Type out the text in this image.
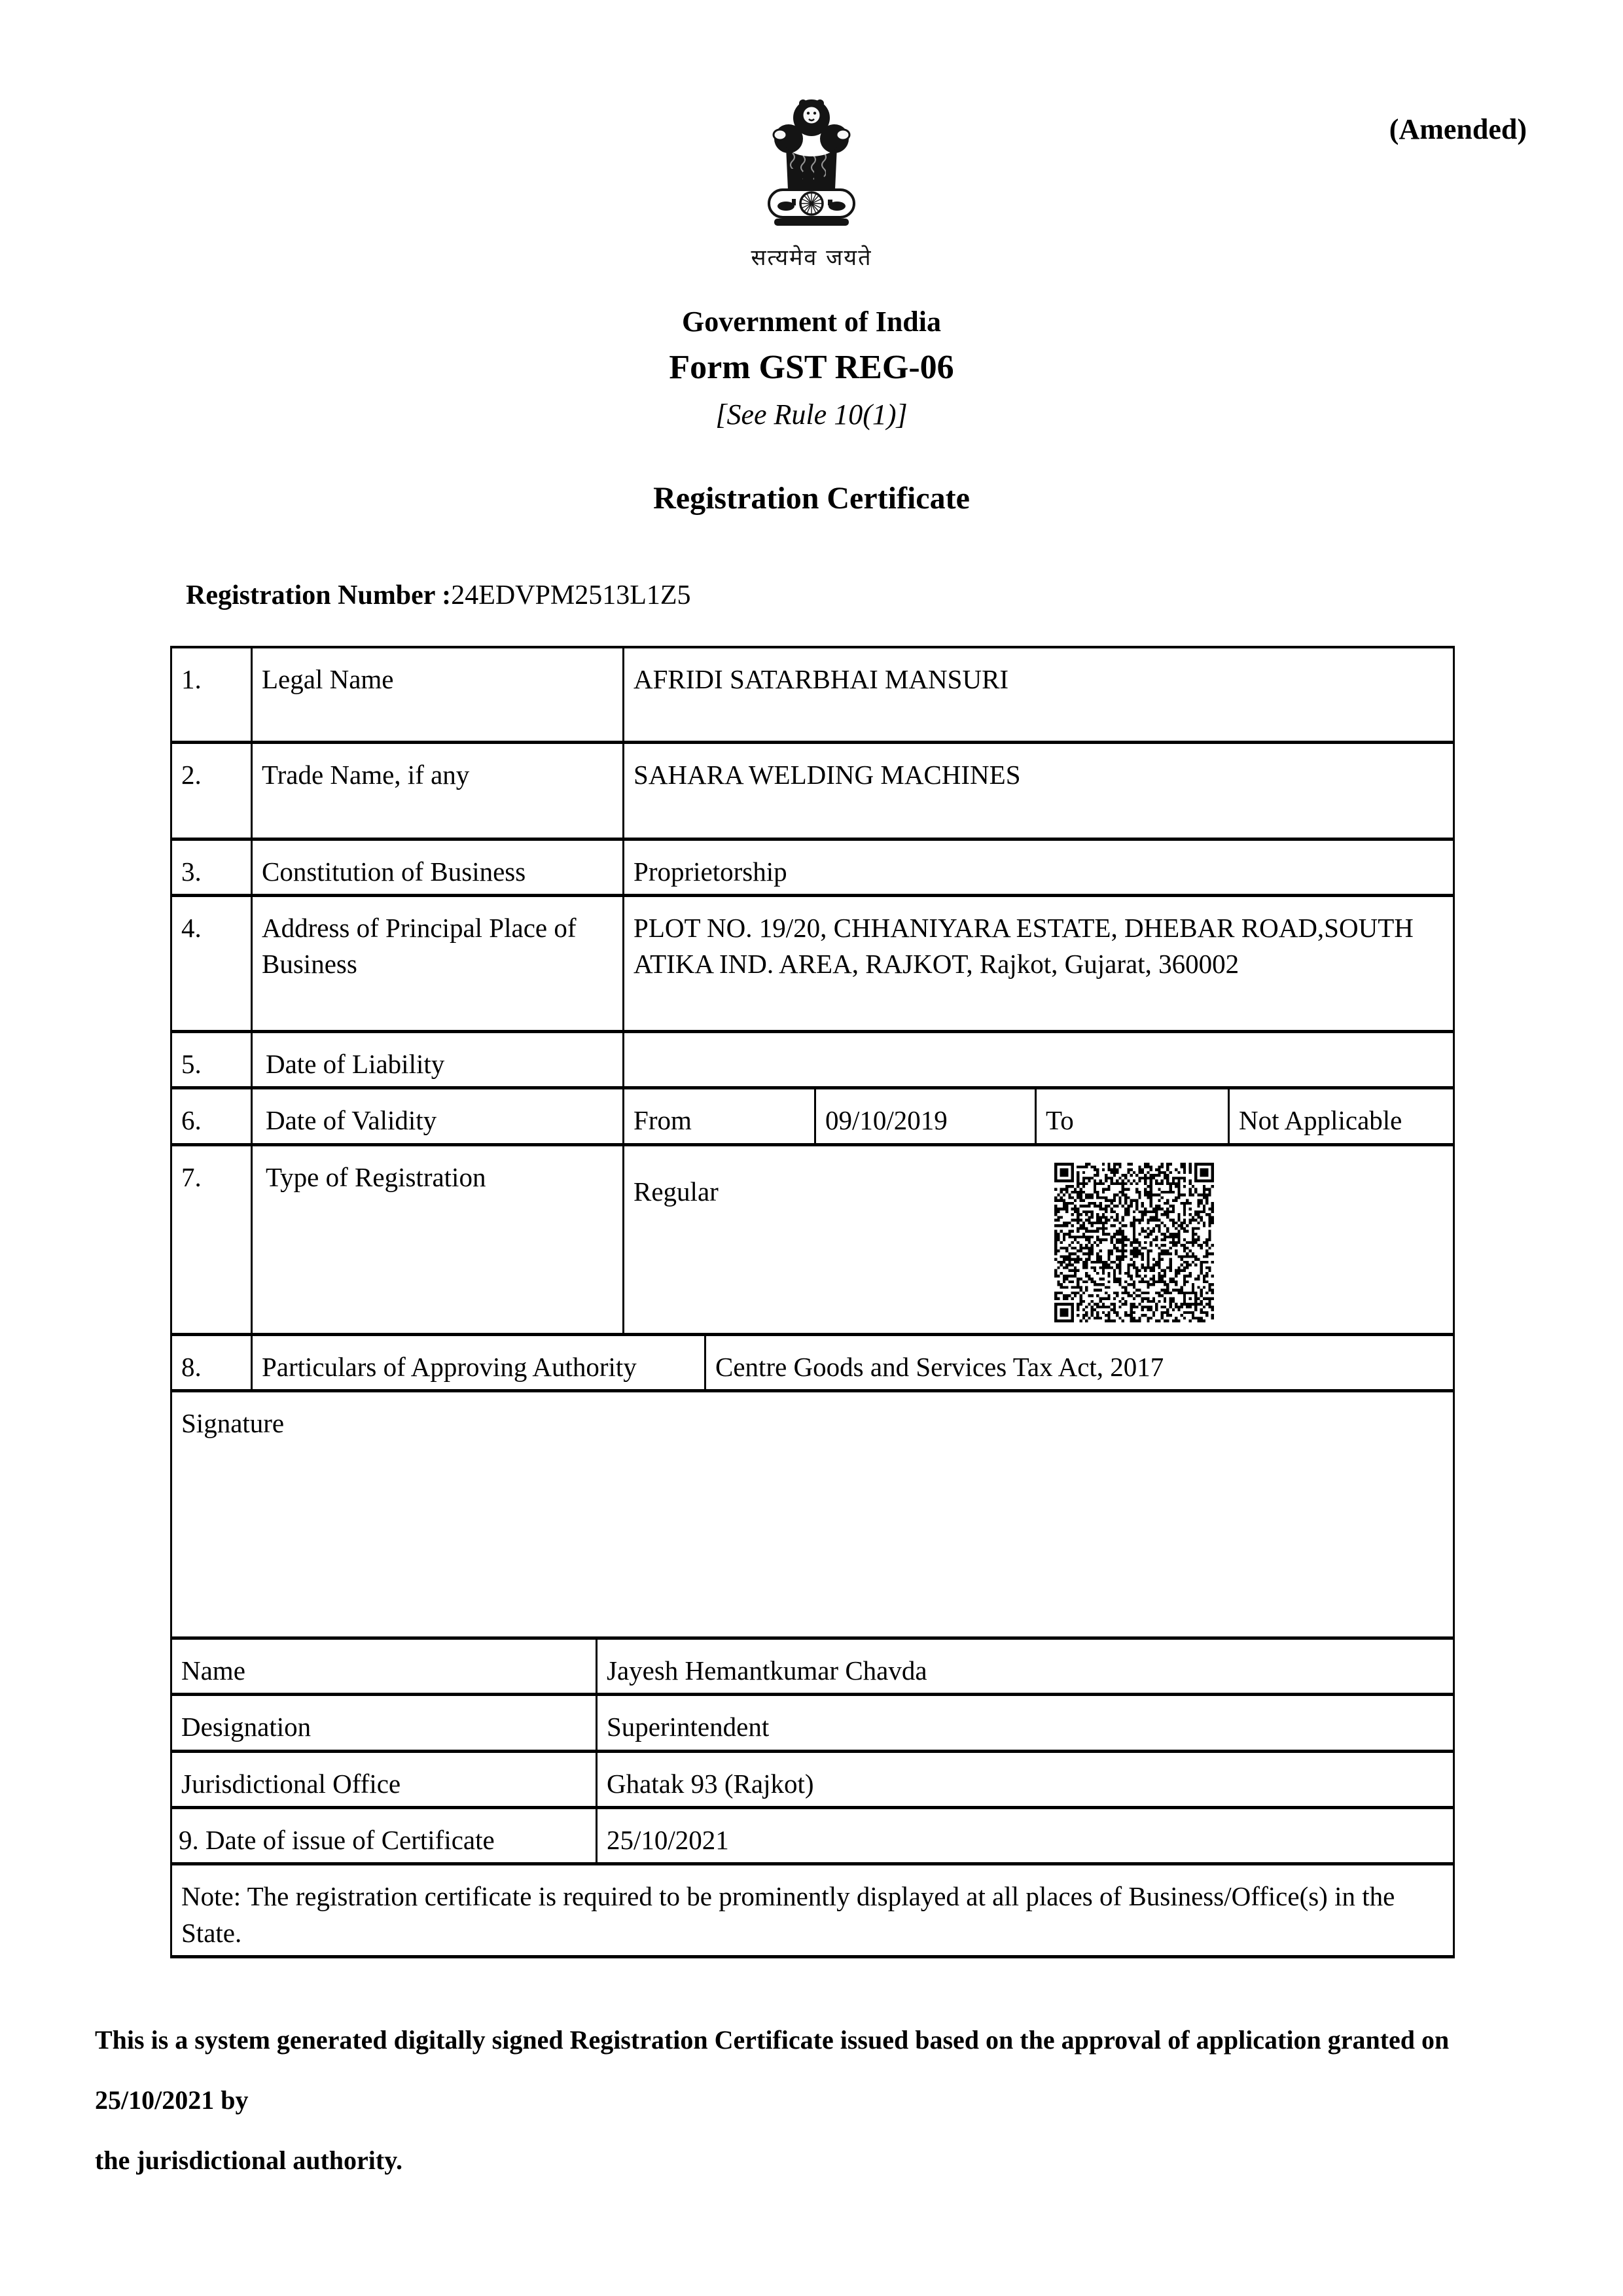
(Amended)
सत्यमेव जयते
Government of India
Form GST REG-06
[See Rule 10(1)]
Registration Certificate
Registration Number :24EDVPM2513L1Z5
1.	Legal Name		AFRIDI SATARBHAI MANSURI				
2.	Trade Name, if any		SAHARA WELDING MACHINES				
3.	Constitution of Business		Proprietorship				
4.	Address of Principal Place of Business		PLOT NO. 19/20, CHHANIYARA ESTATE, DHEBAR ROAD,SOUTH ATIKA IND. AREA, RAJKOT, Rajkot, Gujarat, 360002				
5.	Date of Liability						
6.	Date of Validity		From		09/10/2019	To	Not Applicable
7.	Type of Registration		Regular				

8.	Particulars of Approving Authority			Centre Goods and Services Tax Act, 2017			
Signature							
Name		Jayesh Hemantkumar Chavda					
Designation		Superintendent					
Jurisdictional Office		Ghatak 93 (Rajkot)					
9. Date of issue of Certificate		25/10/2021					
Note: The registration certificate is required to be prominently displayed at all places of Business/Office(s) in the State.							
This is a system generated digitally signed Registration Certificate issued based on the approval of application granted on 25/10/2021 by
the jurisdictional authority.
